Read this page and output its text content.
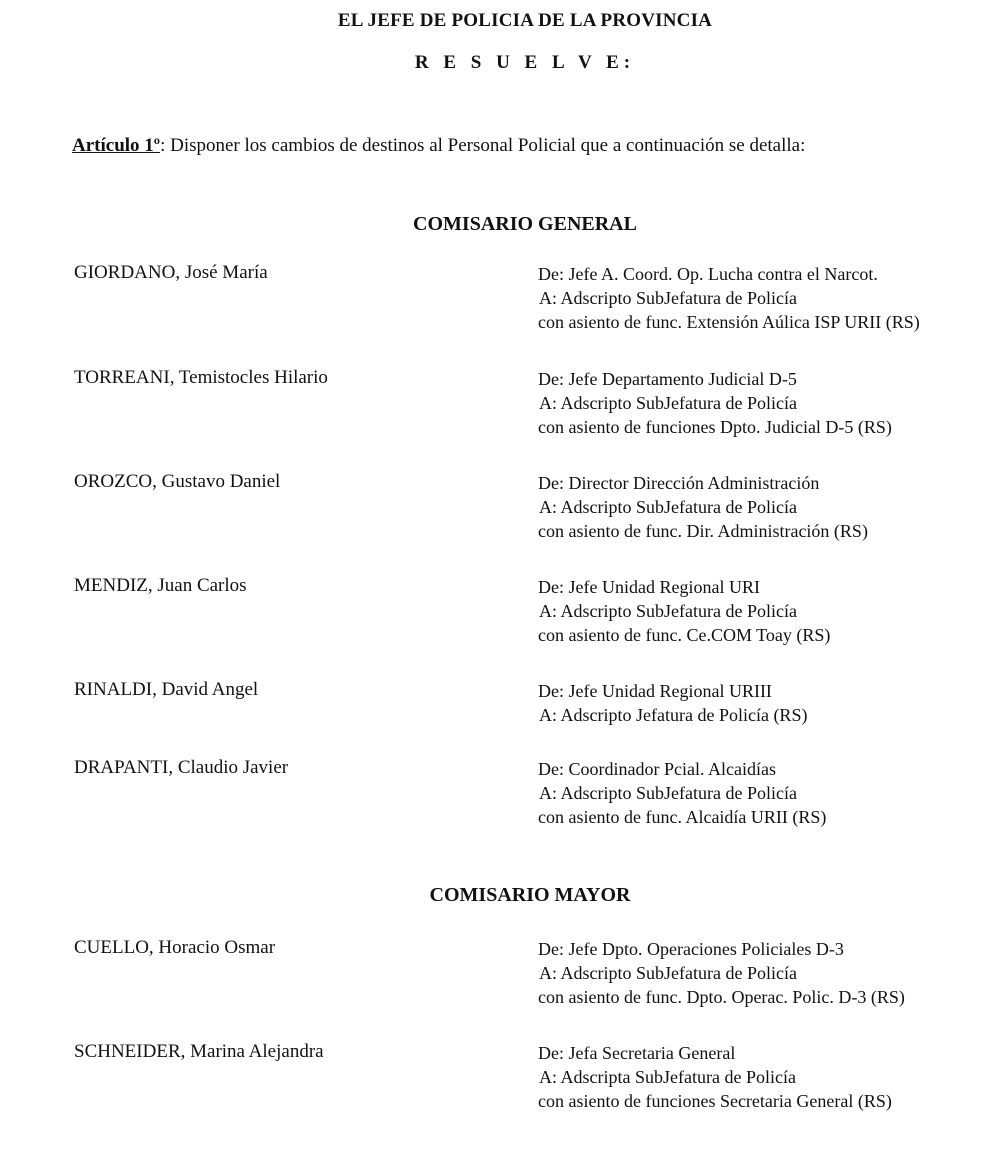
EL JEFE DE POLICIA DE LA PROVINCIA
R E S U E L V E:
Artículo 1º: Disponer los cambios de destinos al Personal Policial que a continuación se detalla:
COMISARIO GENERAL
GIORDANO, José María	De: Jefe A. Coord. Op. Lucha contra el Narcot.
A: Adscripto SubJefatura de Policía
con asiento de func. Extensión Aúlica ISP URII (RS)
TORREANI, Temistocles Hilario	De: Jefe Departamento Judicial D-5
A: Adscripto SubJefatura de Policía
con asiento de funciones Dpto. Judicial D-5 (RS)
OROZCO, Gustavo Daniel	De: Director Dirección Administración
A: Adscripto SubJefatura de Policía
con asiento de func. Dir. Administración (RS)
MENDIZ, Juan Carlos	De: Jefe Unidad Regional URI
A: Adscripto SubJefatura de Policía
con asiento de func. Ce.COM Toay (RS)
RINALDI, David Angel	De: Jefe Unidad Regional URIII
A: Adscripto Jefatura de Policía (RS)
DRAPANTI, Claudio Javier	De: Coordinador Pcial. Alcaidías
A: Adscripto SubJefatura de Policía
con asiento de func. Alcaidía URII (RS)
COMISARIO MAYOR
CUELLO, Horacio Osmar	De: Jefe Dpto. Operaciones Policiales D-3
A: Adscripto SubJefatura de Policía
con asiento de func. Dpto. Operac. Polic. D-3 (RS)
SCHNEIDER, Marina Alejandra	De: Jefa Secretaria General
A: Adscripta SubJefatura de Policía
con asiento de funciones Secretaria General (RS)
